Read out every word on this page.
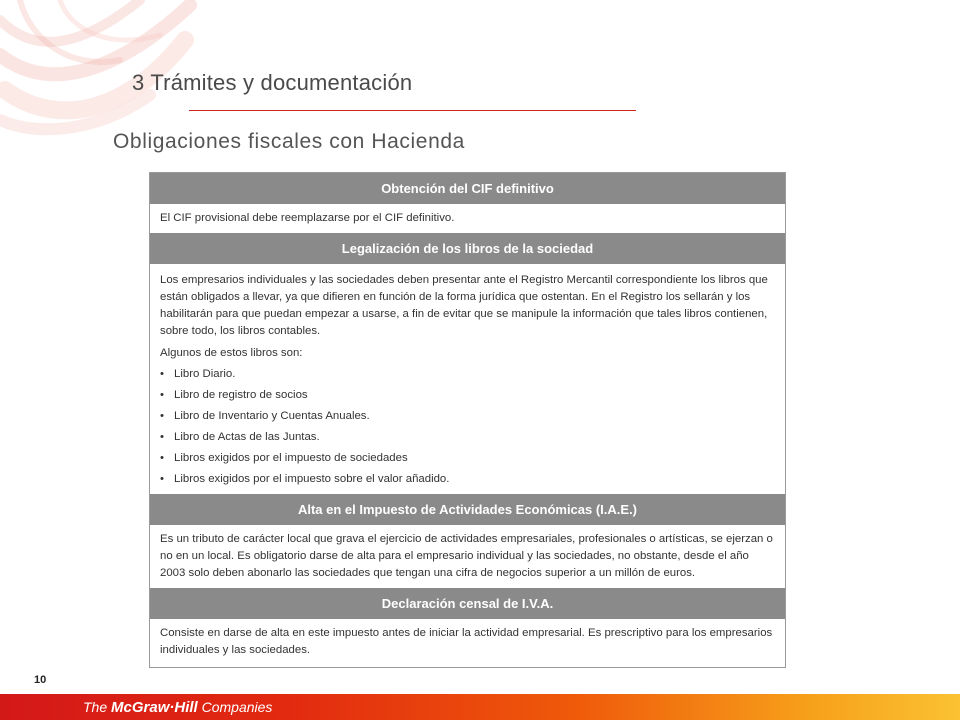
3 Trámites y documentación
Obligaciones fiscales con Hacienda
Obtención del CIF definitivo

El CIF provisional debe reemplazarse por el CIF definitivo.

Legalización de los libros de la sociedad

Los empresarios individuales y las sociedades deben presentar ante el Registro Mercantil correspondiente los libros que están obligados a llevar, ya que difieren en función de la forma jurídica que ostentan. En el Registro los sellarán y los habilitarán para que puedan empezar a usarse, a fin de evitar que se manipule la información que tales libros contienen, sobre todo, los libros contables.

Algunos de estos libros son:

• Libro Diario.
• Libro de registro de socios
• Libro de Inventario y Cuentas Anuales.
• Libro de Actas de las Juntas.
• Libros exigidos por el impuesto de sociedades
• Libros exigidos por el impuesto sobre el valor añadido.
Alta en el Impuesto de Actividades Económicas (I.A.E.)

Es un tributo de carácter local que grava el ejercicio de actividades empresariales, profesionales o artísticas, se ejerzan o no en un local. Es obligatorio darse de alta para el empresario individual y las sociedades, no obstante, desde el año 2003 solo deben abonarlo las sociedades que tengan una cifra de negocios superior a un millón de euros.

Declaración censal de I.V.A.

Consiste en darse de alta en este impuesto antes de iniciar la actividad empresarial. Es prescriptivo para los empresarios individuales y las sociedades.

10
The McGraw·Hill Companies
